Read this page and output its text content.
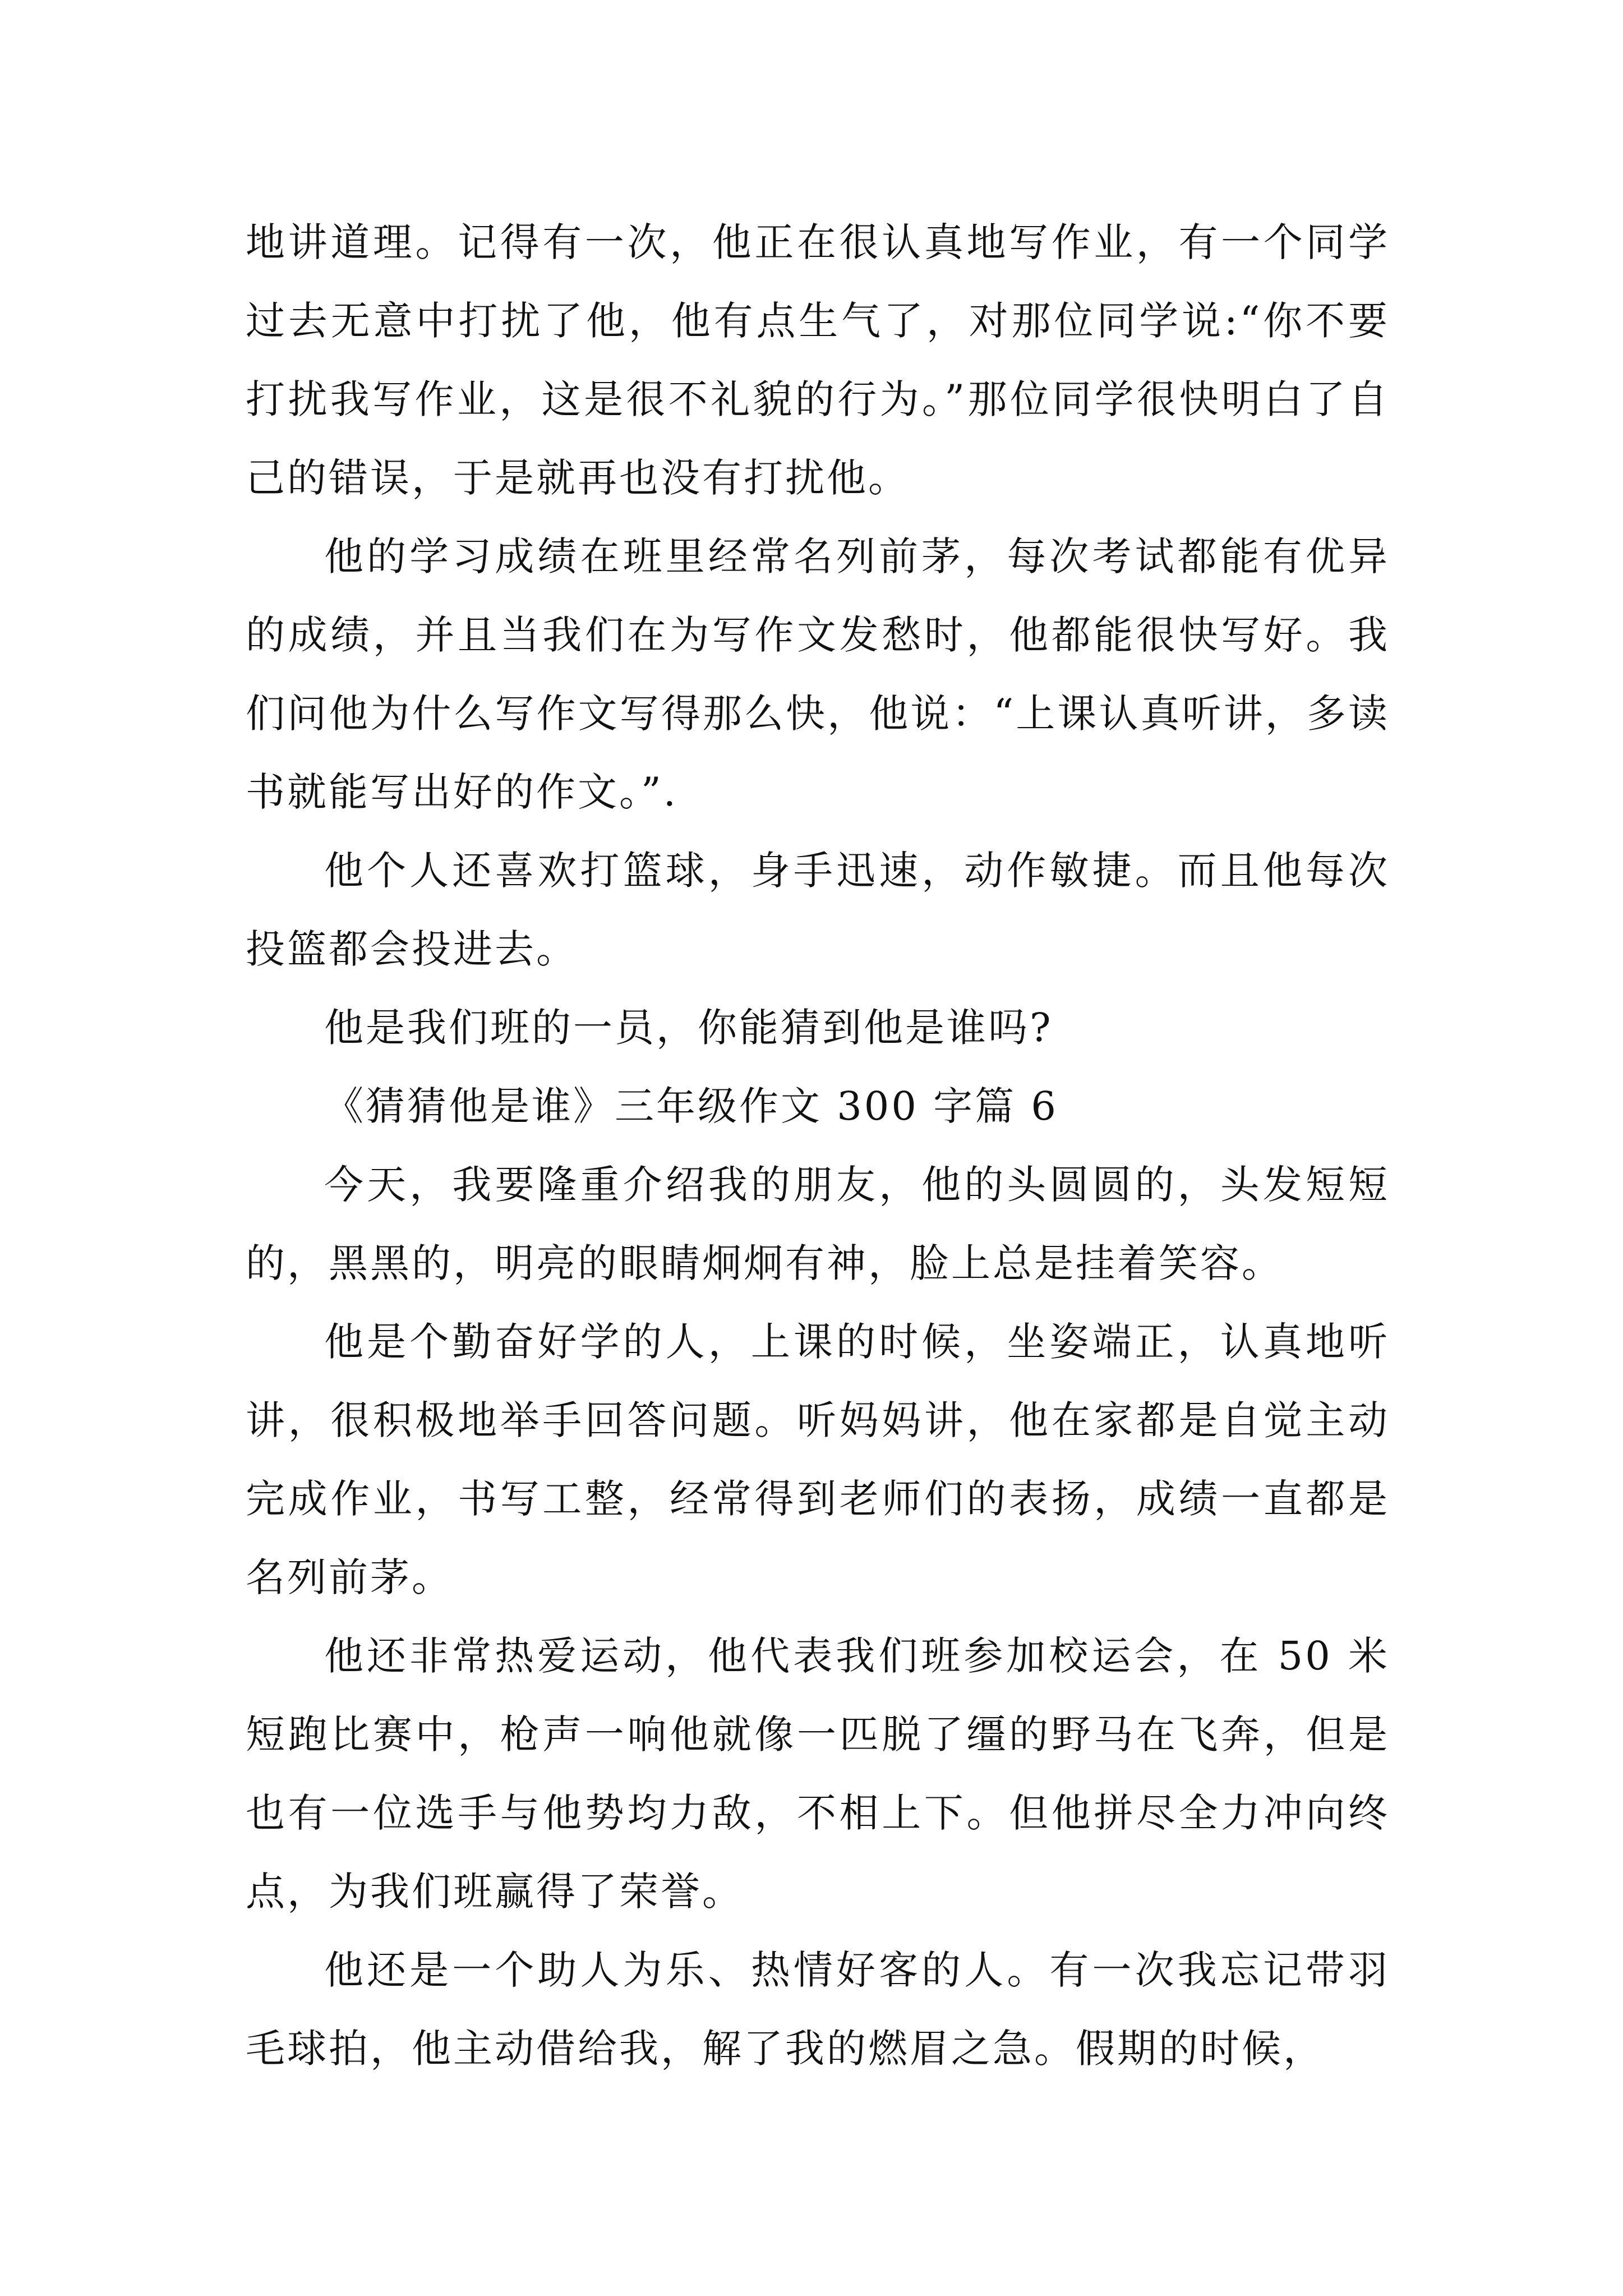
地讲道理。记得有一次，他正在很认真地写作业，有一个同学过去无意中打扰了他，他有点生气了，对那位同学说:“你不要打扰我写作业，这是很不礼貌的行为。”那位同学很快明白了自己的错误，于是就再也没有打扰他。

他的学习成绩在班里经常名列前茅，每次考试都能有优异的成绩，并且当我们在为写作文发愁时，他都能很快写好。我们问他为什么写作文写得那么快，他说：“上课认真听讲，多读书就能写出好的作文。”.

他个人还喜欢打篮球，身手迅速，动作敏捷。而且他每次投篮都会投进去。

他是我们班的一员，你能猜到他是谁吗?

《猜猜他是谁》三年级作文 300 字篇 6

今天，我要隆重介绍我的朋友，他的头圆圆的，头发短短的，黑黑的，明亮的眼睛炯炯有神，脸上总是挂着笑容。

他是个勤奋好学的人，上课的时候，坐姿端正，认真地听讲，很积极地举手回答问题。听妈妈讲，他在家都是自觉主动完成作业，书写工整，经常得到老师们的表扬，成绩一直都是名列前茅。

他还非常热爱运动，他代表我们班参加校运会，在 50 米短跑比赛中，枪声一响他就像一匹脱了缰的野马在飞奔，但是也有一位选手与他势均力敌，不相上下。但他拼尽全力冲向终点，为我们班赢得了荣誉。

他还是一个助人为乐、热情好客的人。有一次我忘记带羽毛球拍，他主动借给我，解了我的燃眉之急。假期的时候，
